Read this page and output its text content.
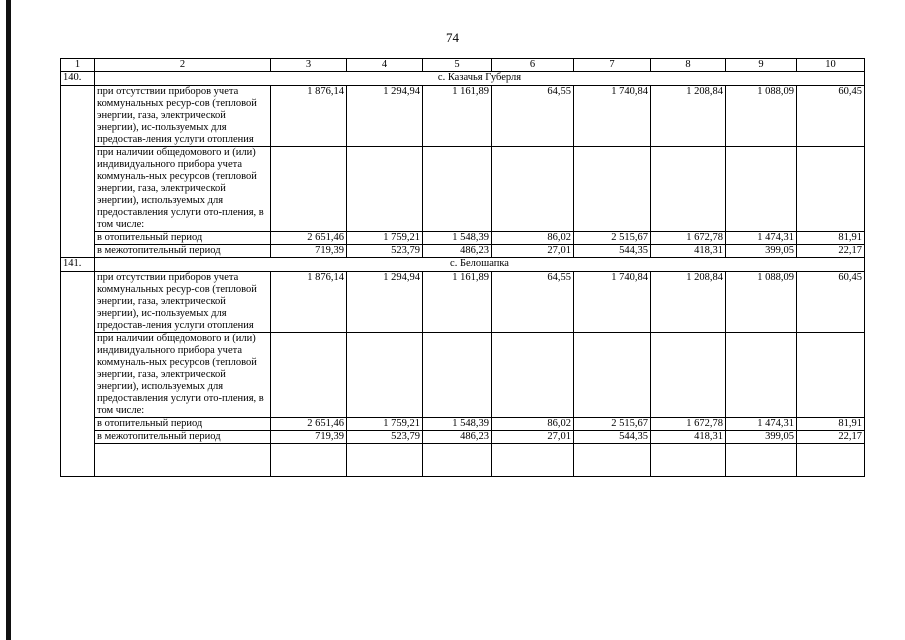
74
1	2	3	4	5	6	7	8	9	10
140.	с. Казачья Губерля								
	при отсутствии приборов учета коммунальных ресур-сов (тепловой энергии, газа, электрической энергии), ис-пользуемых для предостав-ления услуги отопления	1 876,14	1 294,94	1 161,89	64,55	1 740,84	1 208,84	1 088,09	60,45
	при наличии общедомового и (или) индивидуального прибора учета коммуналь-ных ресурсов (тепловой энергии, газа, электрической энергии), используемых для предоставления услуги ото-пления, в том числе:								
	в отопительный период	2 651,46	1 759,21	1 548,39	86,02	2 515,67	1 672,78	1 474,31	81,91
	в межотопительный период	719,39	523,79	486,23	27,01	544,35	418,31	399,05	22,17
141.	с. Белошапка								
	при отсутствии приборов учета коммунальных ресур-сов (тепловой энергии, газа, электрической энергии), ис-пользуемых для предостав-ления услуги отопления	1 876,14	1 294,94	1 161,89	64,55	1 740,84	1 208,84	1 088,09	60,45
	при наличии общедомового и (или) индивидуального прибора учета коммуналь-ных ресурсов (тепловой энергии, газа, электрической энергии), используемых для предоставления услуги ото-пления, в том числе:								
	в отопительный период	2 651,46	1 759,21	1 548,39	86,02	2 515,67	1 672,78	1 474,31	81,91
	в межотопительный период	719,39	523,79	486,23	27,01	544,35	418,31	399,05	22,17
